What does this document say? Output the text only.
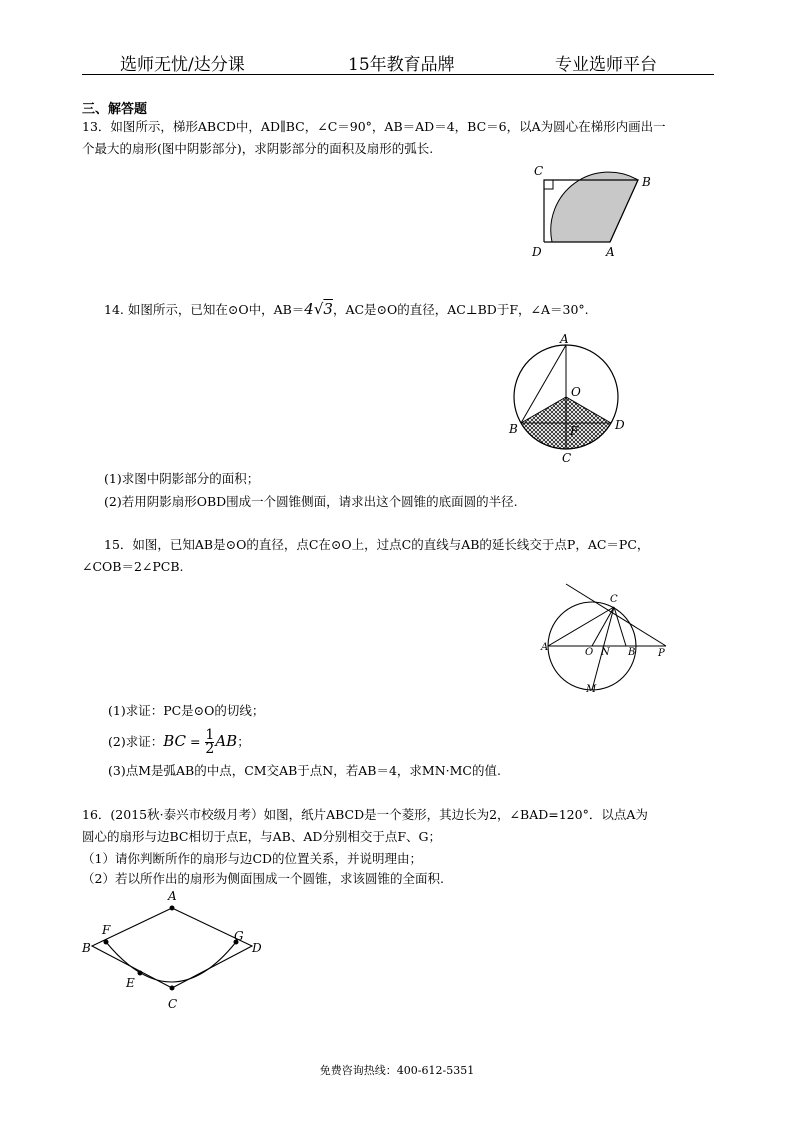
选师无忧/达分课	15年教育品牌	专业选师平台
三、解答题
13．如图所示，梯形ABCD中，AD∥BC，∠C＝90°，AB＝AD＝4，BC＝6，以A为圆心在梯形内画出一
个最大的扇形(图中阴影部分)，求阴影部分的面积及扇形的弧长.
C
B
D	A
14. 如图所示，已知在⊙O中，AB＝4√3，AC是⊙O的直径，AC⊥BD于F，∠A＝30°.
A
O
B	F	D
C
(1)求图中阴影部分的面积；
(2)若用阴影扇形OBD围成一个圆锥侧面，请求出这个圆锥的底面圆的半径.
15．如图，已知AB是⊙O的直径，点C在⊙O上，过点C的直线与AB的延长线交于点P，AC＝PC，
∠COB＝2∠PCB.
C
A	O N B P
M
(1)求证：PC是⊙O的切线；
(2)求证：BC = $\frac{1}{2}$ AB；
(3)点M是弧AB的中点，CM交AB于点N，若AB＝4，求MN·MC的值.
16．(2015秋·泰兴市校级月考）如图，纸片ABCD是一个菱形，其边长为2，∠BAD=120°．以点A为
圆心的扇形与边BC相切于点E，与AB、AD分别相交于点F、G；
（1）请你判断所作的扇形与边CD的位置关系，并说明理由；
（2）若以所作出的扇形为侧面围成一个圆锥，求该圆锥的全面积.
A
F	G
B	D
E
C
免费咨询热线：400-612-5351
